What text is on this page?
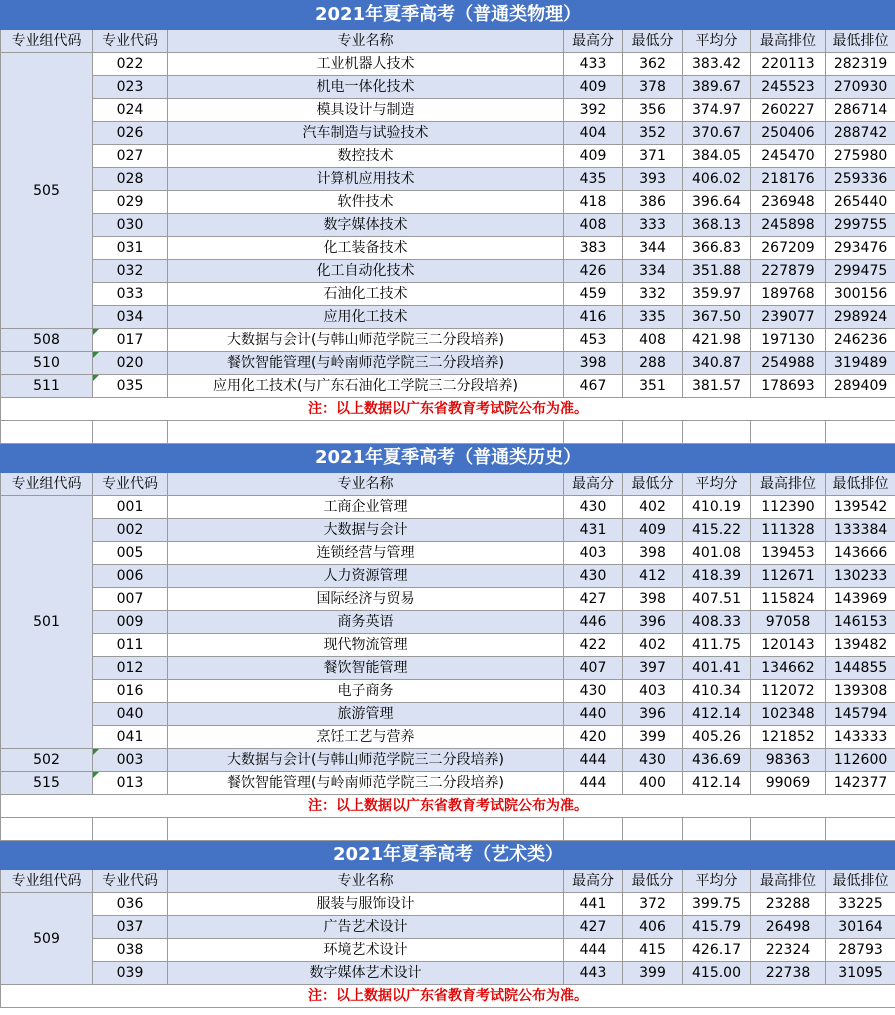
2021年夏季高考（普通类物理）							
专业组代码	专业代码	专业名称	最高分	最低分	平均分	最高排位	最低排位
505	022	工业机器人技术	433	362	383.42	220113	282319
	023	机电一体化技术	409	378	389.67	245523	270930
	024	模具设计与制造	392	356	374.97	260227	286714
	026	汽车制造与试验技术	404	352	370.67	250406	288742
	027	数控技术	409	371	384.05	245470	275980
	028	计算机应用技术	435	393	406.02	218176	259336
	029	软件技术	418	386	396.64	236948	265440
	030	数字媒体技术	408	333	368.13	245898	299755
	031	化工装备技术	383	344	366.83	267209	293476
	032	化工自动化技术	426	334	351.88	227879	299475
	033	石油化工技术	459	332	359.97	189768	300156
	034	应用化工技术	416	335	367.50	239077	298924
508	017	大数据与会计(与韩山师范学院三二分段培养)	453	408	421.98	197130	246236
510	020	餐饮智能管理(与岭南师范学院三二分段培养)	398	288	340.87	254988	319489
511	035	应用化工技术(与广东石油化工学院三二分段培养)	467	351	381.57	178693	289409
注：以上数据以广东省教育考试院公布为准。							

2021年夏季高考（普通类历史）							
专业组代码	专业代码	专业名称	最高分	最低分	平均分	最高排位	最低排位
501	001	工商企业管理	430	402	410.19	112390	139542
	002	大数据与会计	431	409	415.22	111328	133384
	005	连锁经营与管理	403	398	401.08	139453	143666
	006	人力资源管理	430	412	418.39	112671	130233
	007	国际经济与贸易	427	398	407.51	115824	143969
	009	商务英语	446	396	408.33	97058	146153
	011	现代物流管理	422	402	411.75	120143	139482
	012	餐饮智能管理	407	397	401.41	134662	144855
	016	电子商务	430	403	410.34	112072	139308
	040	旅游管理	440	396	412.14	102348	145794
	041	烹饪工艺与营养	420	399	405.26	121852	143333
502	003	大数据与会计(与韩山师范学院三二分段培养)	444	430	436.69	98363	112600
515	013	餐饮智能管理(与岭南师范学院三二分段培养)	444	400	412.14	99069	142377
注：以上数据以广东省教育考试院公布为准。							

2021年夏季高考（艺术类）							
专业组代码	专业代码	专业名称	最高分	最低分	平均分	最高排位	最低排位
509	036	服装与服饰设计	441	372	399.75	23288	33225
	037	广告艺术设计	427	406	415.79	26498	30164
	038	环境艺术设计	444	415	426.17	22324	28793
	039	数字媒体艺术设计	443	399	415.00	22738	31095
注：以上数据以广东省教育考试院公布为准。							
